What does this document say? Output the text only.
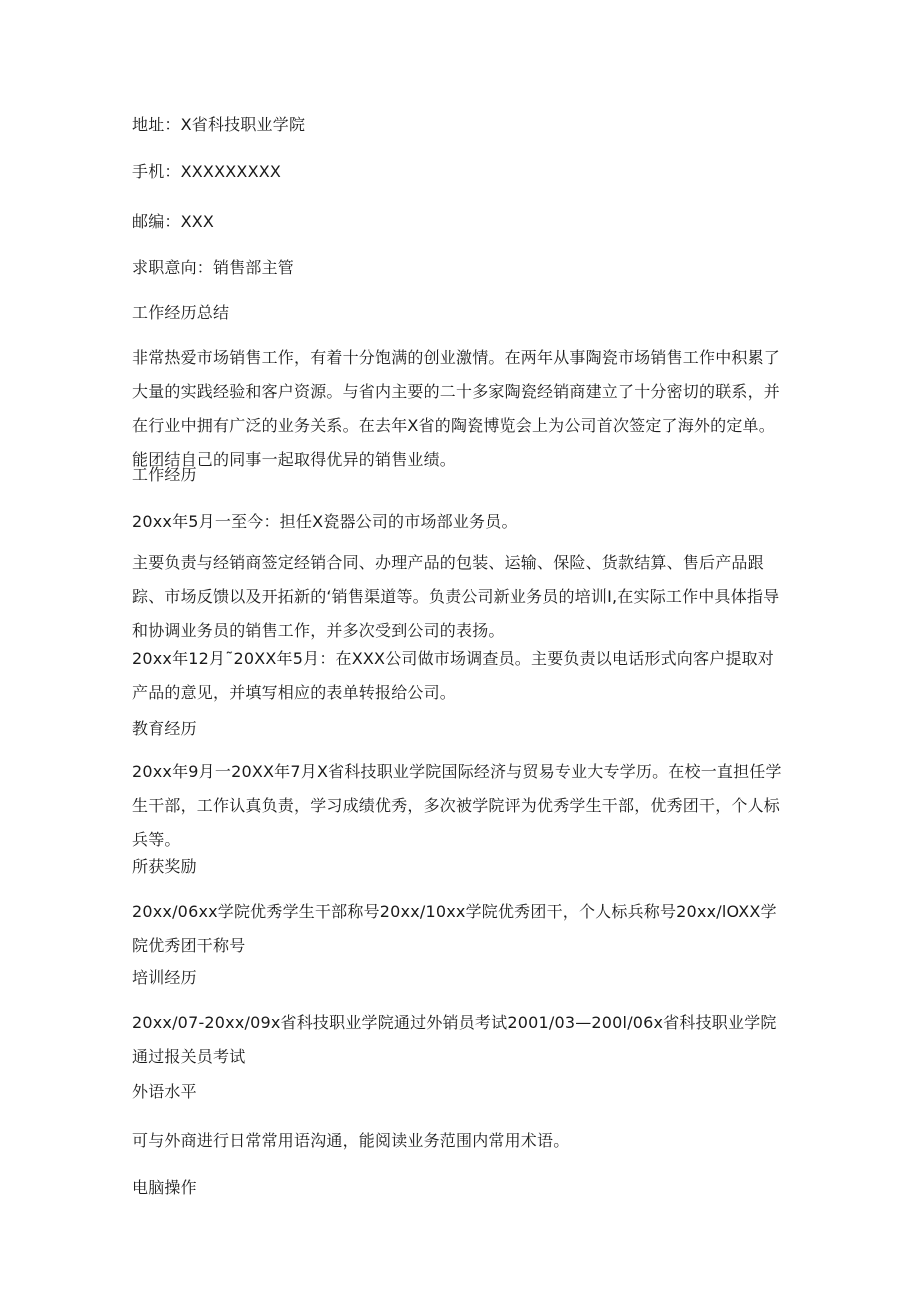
地址：X省科技职业学院
手机：XXXXXXXXX
邮编：XXX
求职意向：销售部主管
工作经历总结
非常热爱市场销售工作，有着十分饱满的创业激情。在两年从事陶瓷市场销售工作中积累了大量的实践经验和客户资源。与省内主要的二十多家陶瓷经销商建立了十分密切的联系，并在行业中拥有广泛的业务关系。在去年X省的陶瓷博览会上为公司首次签定了海外的定单。能团结自己的同事一起取得优异的销售业绩。
工作经历
20xx年5月一至今：担任X瓷器公司的市场部业务员。
主要负责与经销商签定经销合同、办理产品的包装、运输、保险、货款结算、售后产品跟踪、市场反馈以及开拓新的‘销售渠道等。负责公司新业务员的培训I,在实际工作中具体指导和协调业务员的销售工作，并多次受到公司的表扬。
20xx年12月˜20XX年5月：在XXX公司做市场调查员。主要负责以电话形式向客户提取对产品的意见，并填写相应的表单转报给公司。
教育经历
20xx年9月一20XX年7月X省科技职业学院国际经济与贸易专业大专学历。在校一直担任学生干部，工作认真负责，学习成绩优秀，多次被学院评为优秀学生干部，优秀团干，个人标兵等。
所获奖励
20xx/06xx学院优秀学生干部称号20xx/10xx学院优秀团干，个人标兵称号20xx/lOXX学院优秀团干称号
培训经历
20xx/07-20xx/09x省科技职业学院通过外销员考试2001/03—200l/06x省科技职业学院通过报关员考试
外语水平
可与外商进行日常常用语沟通，能阅读业务范围内常用术语。
电脑操作
